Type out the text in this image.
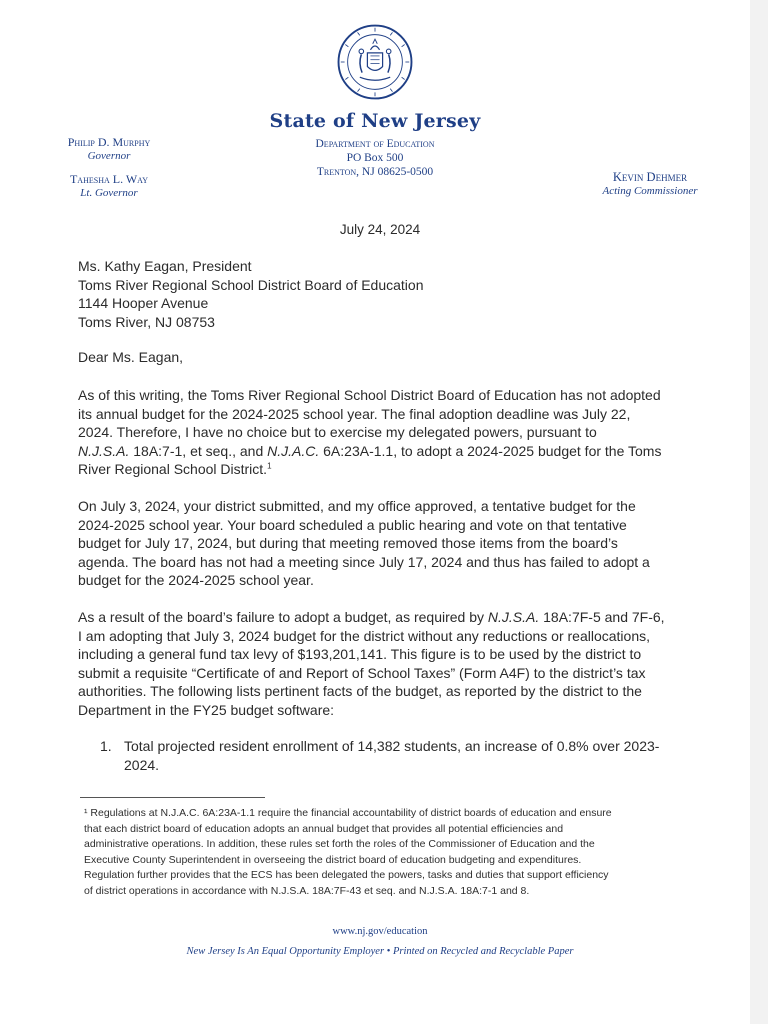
State of New Jersey
Department of Education
PO Box 500
Trenton, NJ 08625-0500
Philip D. Murphy
Governor
Tahesha L. Way
Lt. Governor
Kevin Dehmer
Acting Commissioner
July 24, 2024
Ms. Kathy Eagan, President
Toms River Regional School District Board of Education
1144 Hooper Avenue
Toms River, NJ 08753
Dear Ms. Eagan,
As of this writing, the Toms River Regional School District Board of Education has not adopted
its annual budget for the 2024-2025 school year. The final adoption deadline was July 22,
2024. Therefore, I have no choice but to exercise my delegated powers, pursuant to
N.J.S.A. 18A:7-1, et seq., and N.J.A.C. 6A:23A-1.1, to adopt a 2024-2025 budget for the Toms
River Regional School District.$^1$
On July 3, 2024, your district submitted, and my office approved, a tentative budget for the
2024-2025 school year. Your board scheduled a public hearing and vote on that tentative
budget for July 17, 2024, but during that meeting removed those items from the board’s
agenda. The board has not had a meeting since July 17, 2024 and thus has failed to adopt a
budget for the 2024-2025 school year.
As a result of the board’s failure to adopt a budget, as required by N.J.S.A. 18A:7F-5 and 7F-6,
I am adopting that July 3, 2024 budget for the district without any reductions or reallocations,
including a general fund tax levy of $193,201,141. This figure is to be used by the district to
submit a requisite “Certificate of and Report of School Taxes” (Form A4F) to the district’s tax
authorities. The following lists pertinent facts of the budget, as reported by the district to the
Department in the FY25 budget software:
1. Total projected resident enrollment of 14,382 students, an increase of 0.8% over 2023-
2024.
¹ Regulations at N.J.A.C. 6A:23A-1.1 require the financial accountability of district boards of education and ensure
that each district board of education adopts an annual budget that provides all potential efficiencies and
administrative operations. In addition, these rules set forth the roles of the Commissioner of Education and the
Executive County Superintendent in overseeing the district board of education budgeting and expenditures.
Regulation further provides that the ECS has been delegated the powers, tasks and duties that support efficiency
of district operations in accordance with N.J.S.A. 18A:7F-43 et seq. and N.J.S.A. 18A:7-1 and 8.
www.nj.gov/education
New Jersey Is An Equal Opportunity Employer • Printed on Recycled and Recyclable Paper
